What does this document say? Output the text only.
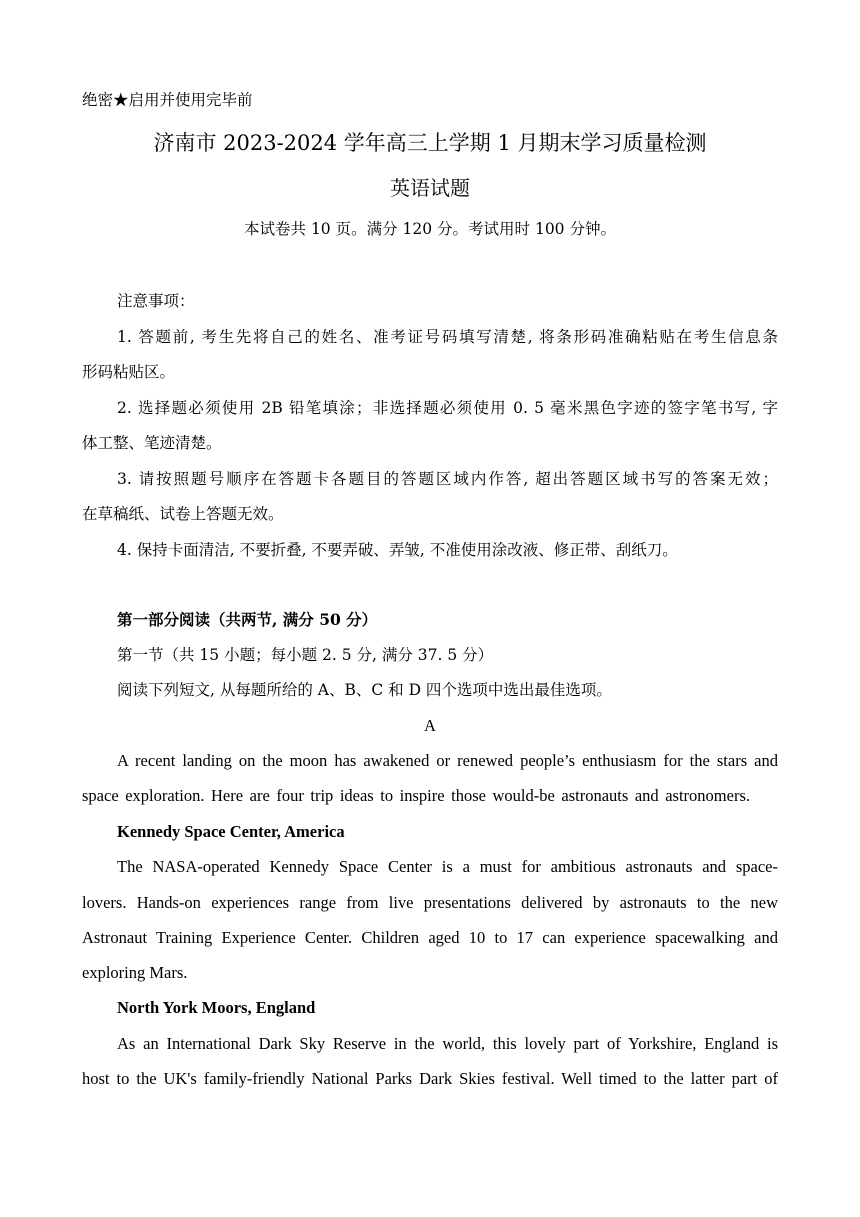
绝密★启用并使用完毕前
济南市 2023-2024 学年高三上学期 1 月期末学习质量检测
英语试题
本试卷共 10 页。满分 120 分。考试用时 100 分钟。
注意事项：
1. 答题前, 考生先将自己的姓名、准考证号码填写清楚, 将条形码准确粘贴在考生信息条
形码粘贴区。
2. 选择题必须使用 2B 铅笔填涂；非选择题必须使用 0. 5 毫米黑色字迹的签字笔书写, 字
体工整、笔迹清楚。
3. 请按照题号顺序在答题卡各题目的答题区域内作答, 超出答题区域书写的答案无效；
在草稿纸、试卷上答题无效。
4. 保持卡面清洁, 不要折叠, 不要弄破、弄皱, 不准使用涂改液、修正带、刮纸刀。
第一部分阅读（共两节, 满分 50 分）
第一节（共 15 小题；每小题 2. 5 分, 满分 37. 5 分）
阅读下列短文, 从每题所给的 A、B、C 和 D 四个选项中选出最佳选项。
A
A recent landing on the moon has awakened or renewed people’s enthusiasm for the stars and
space exploration. Here are four trip ideas to inspire those would-be astronauts and astronomers.
Kennedy Space Center, America
The NASA-operated Kennedy Space Center is a must for ambitious astronauts and space-
lovers. Hands-on experiences range from live presentations delivered by astronauts to the new
Astronaut Training Experience Center. Children aged 10 to 17 can experience spacewalking and
exploring Mars.
North York Moors, England
As an International Dark Sky Reserve in the world, this lovely part of Yorkshire, England is
host to the UK's family-friendly National Parks Dark Skies festival. Well timed to the latter part of
